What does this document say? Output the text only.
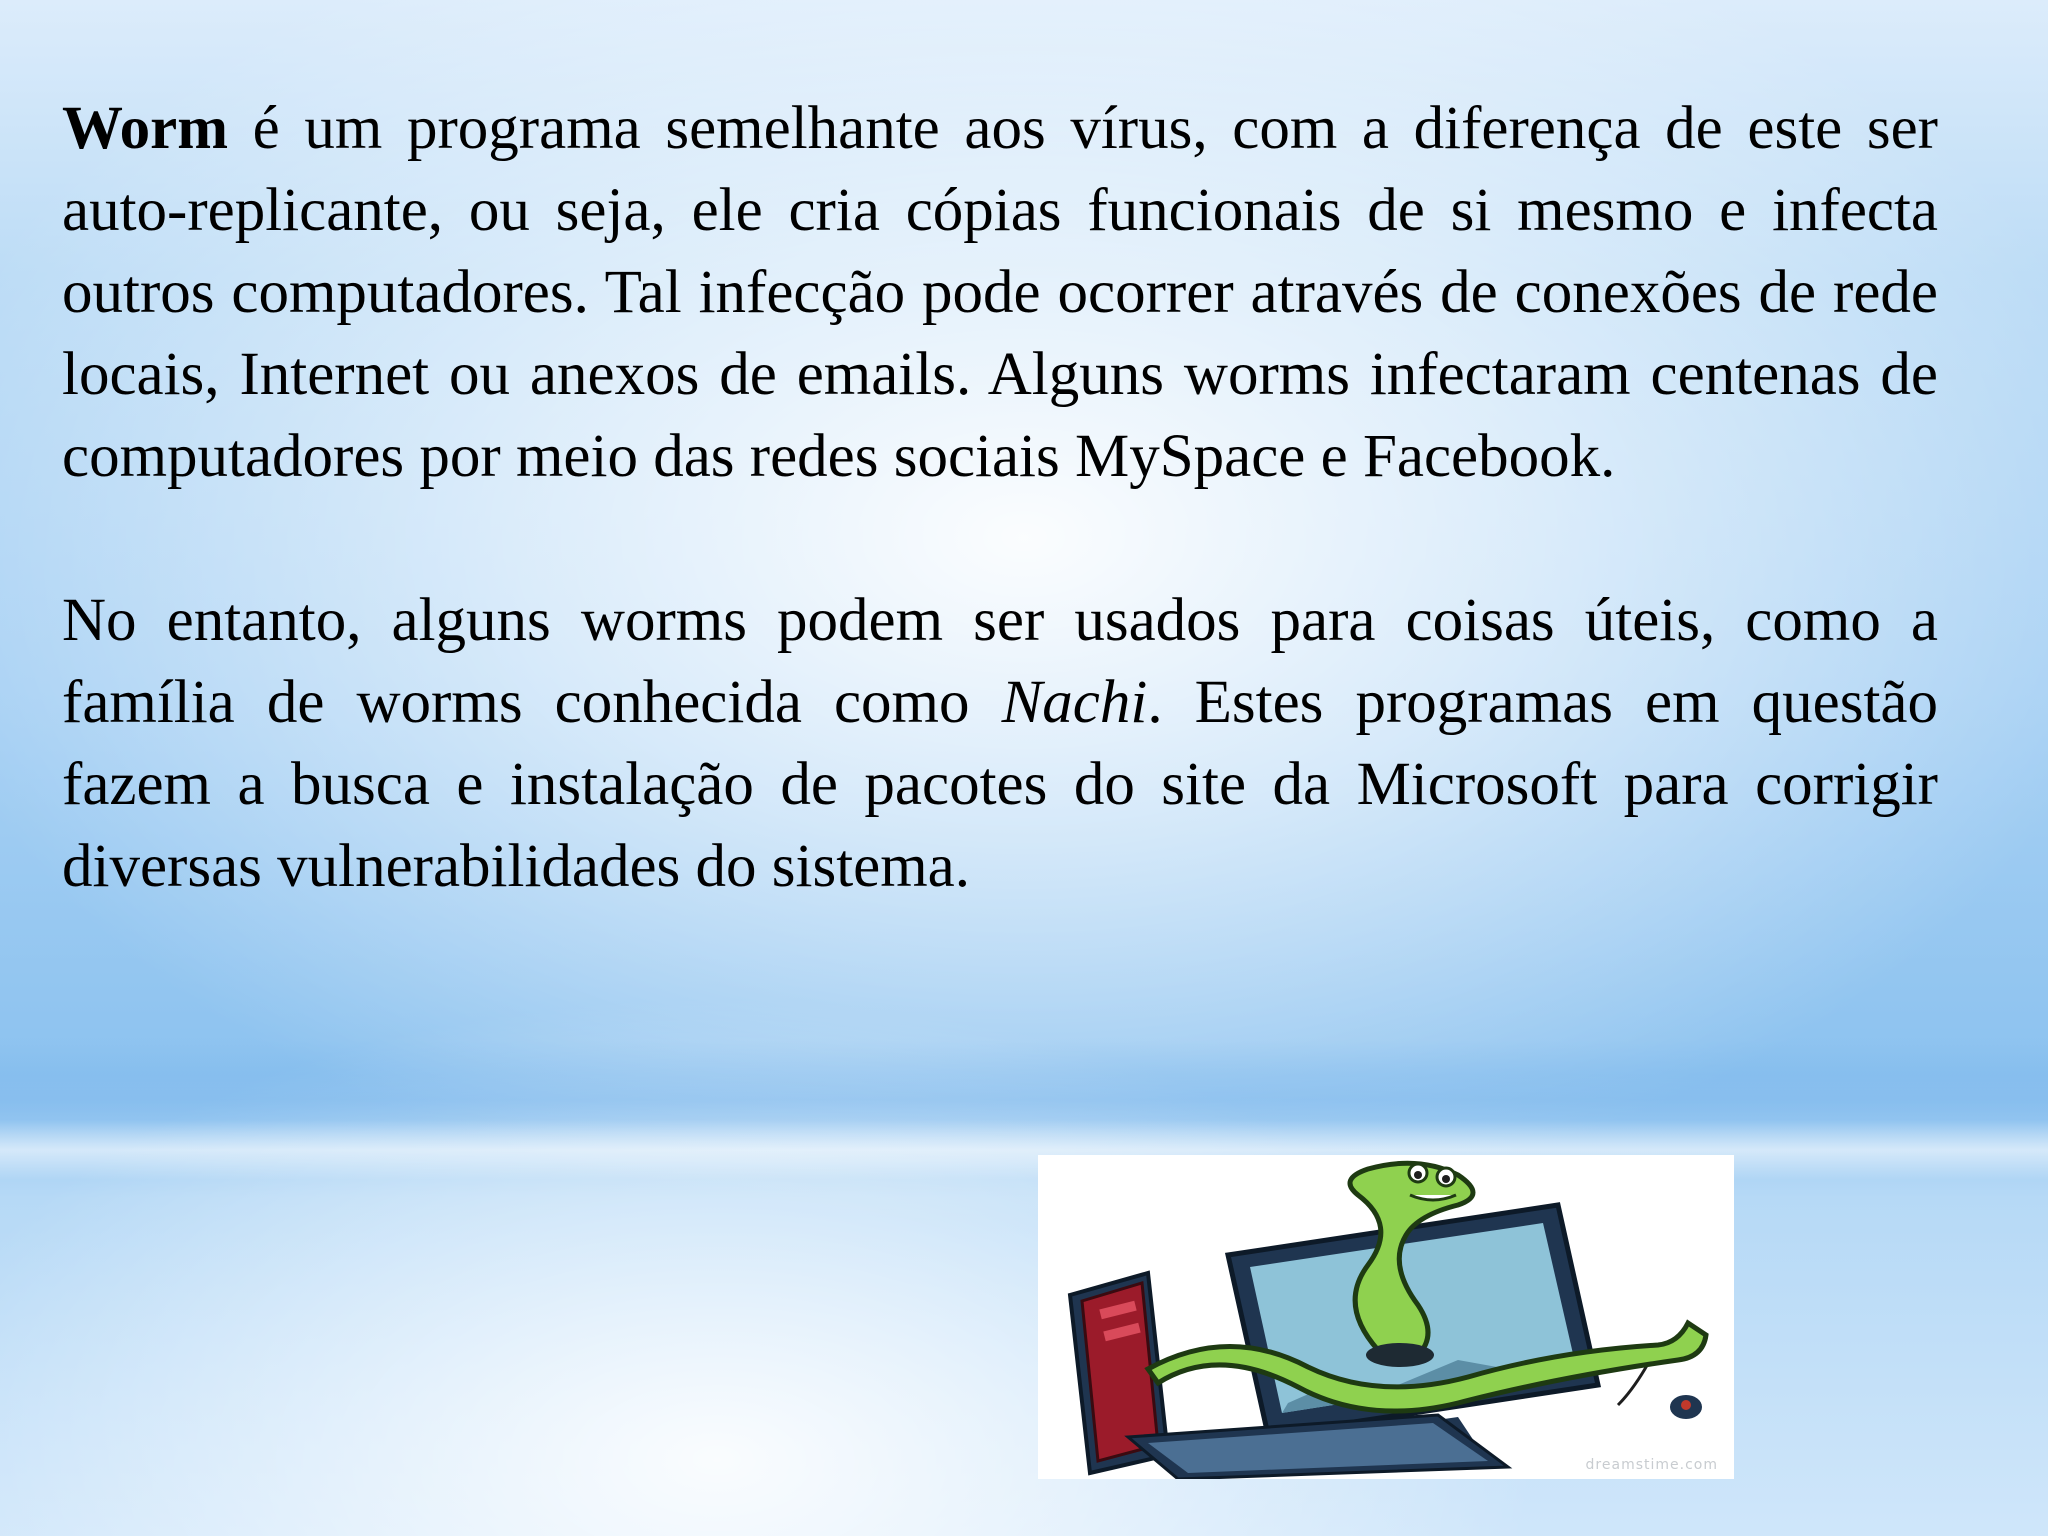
Worm é um programa semelhante aos vírus, com a diferença de este ser auto-replicante, ou seja, ele cria cópias funcionais de si mesmo e infecta outros computadores. Tal infecção pode ocorrer através de conexões de rede locais, Internet ou anexos de emails. Alguns worms infectaram centenas de computadores por meio das redes sociais MySpace e Facebook.

No entanto, alguns worms podem ser usados para coisas úteis, como a família de worms conhecida como Nachi. Estes programas em questão fazem a busca e instalação de pacotes do site da Microsoft para corrigir diversas vulnerabilidades do sistema.

dreamstime.com
